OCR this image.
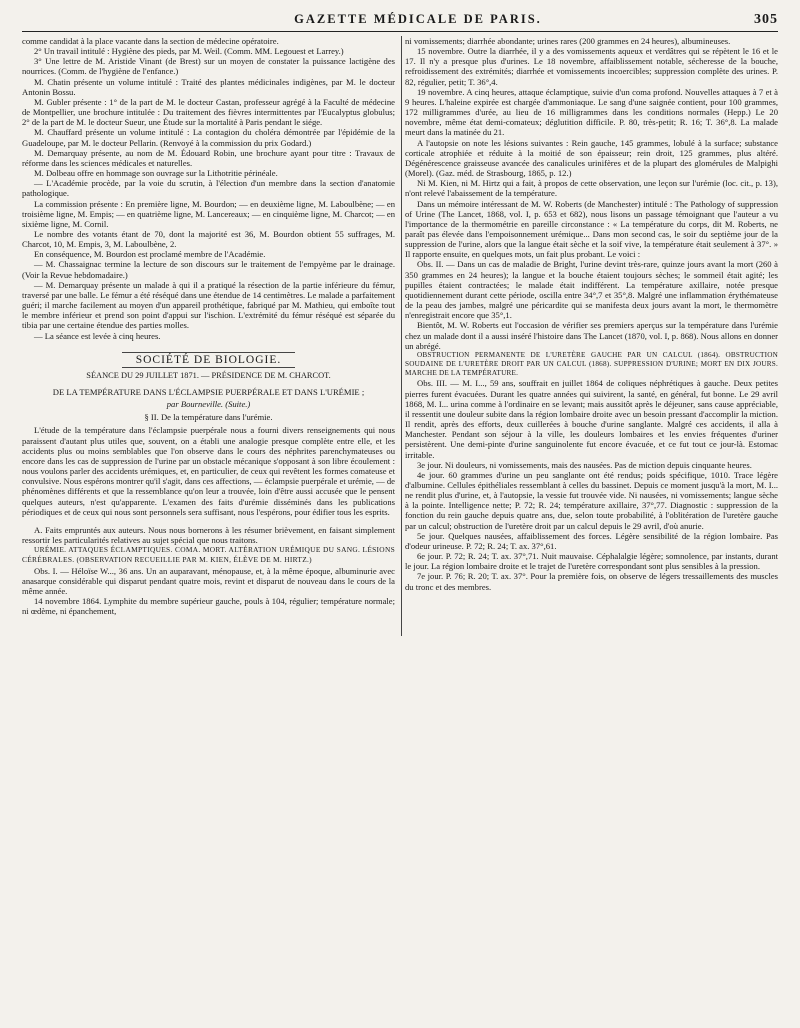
GAZETTE MÉDICALE DE PARIS.	305

comme candidat à la place vacante dans la section de médecine opératoire.

2° Un travail intitulé : Hygiène des pieds, par M. Weil. (Comm. MM. Legouest et Larrey.)

3° Une lettre de M. Aristide Vinant (de Brest) sur un moyen de constater la puissance lactigène des nourrices. (Comm. de l'hygiène de l'enfance.)

M. Chatin présente un volume intitulé : Traité des plantes médicinales indigènes, par M. le docteur Antonin Bossu.

M. Gubler présente : 1° de la part de M. le docteur Castan, professeur agrégé à la Faculté de médecine de Montpellier, une brochure intitulée : Du traitement des fièvres intermittentes par l'Eucalyptus globulus; 2° de la part de M. le docteur Sueur, une Étude sur la mortalité à Paris pendant le siége.

M. Chauffard présente un volume intitulé : La contagion du choléra démontrée par l'épidémie de la Guadeloupe, par M. le docteur Pellarin. (Renvoyé à la commission du prix Godard.)

M. Demarquay présente, au nom de M. Édouard Robin, une brochure ayant pour titre : Travaux de réforme dans les sciences médicales et naturelles.

M. Dolbeau offre en hommage son ouvrage sur la Lithotritie périnéale.

— L'Académie procède, par la voie du scrutin, à l'élection d'un membre dans la section d'anatomie pathologique.

La commission présente : En première ligne, M. Bourdon; — en deuxième ligne, M. Laboulbène; — en troisième ligne, M. Empis; — en quatrième ligne, M. Lancereaux; — en cinquième ligne, M. Charcot; — en sixième ligne, M. Cornil.

Le nombre des votants étant de 70, dont la majorité est 36, M. Bourdon obtient 55 suffrages, M. Charcot, 10, M. Empis, 3, M. Laboulbène, 2.

En conséquence, M. Bourdon est proclamé membre de l'Académie.

— M. Chassaignac termine la lecture de son discours sur le traitement de l'empyème par le drainage. (Voir la Revue hebdomadaire.)

— M. Demarquay présente un malade à qui il a pratiqué la résection de la partie inférieure du fémur, traversé par une balle. Le fémur a été réséqué dans une étendue de 14 centimètres. Le malade a parfaitement guéri; il marche facilement au moyen d'un appareil prothétique, fabriqué par M. Mathieu, qui emboîte tout le membre inférieur et prend son point d'appui sur l'ischion. L'extrémité du fémur réséqué est séparée du tibia par une certaine étendue des parties molles.

— La séance est levée à cinq heures.

SOCIÉTÉ DE BIOLOGIE.
SÉANCE DU 29 JUILLET 1871. — PRÉSIDENCE DE M. CHARCOT.
DE LA TEMPÉRATURE DANS L'ÉCLAMPSIE PUERPÉRALE ET DANS L'URÉMIE ;
par Bourneville. (Suite.)
§ II. De la température dans l'urémie.

L'étude de la température dans l'éclampsie puerpérale nous a fourni divers renseignements qui nous paraissent d'autant plus utiles que, souvent, on a établi une analogie presque complète entre elle, et les accidents plus ou moins semblables que l'on observe dans le cours des néphrites parenchymateuses ou encore dans les cas de suppression de l'urine par un obstacle mécanique s'opposant à son libre écoulement : nous voulons parler des accidents urémiques, et, en particulier, de ceux qui revêtent les formes comateuse et convulsive. Nous espérons montrer qu'il s'agit, dans ces affections, — éclampsie puerpérale et urémie, — de phénomènes différents et que la ressemblance qu'on leur a trouvée, loin d'être aussi accusée que le pensent quelques auteurs, n'est qu'apparente. L'examen des faits d'urémie disséminés dans les publications périodiques et de ceux qui nous sont personnels sera suffisant, nous l'espérons, pour édifier tous les esprits.

A. Faits empruntés aux auteurs. Nous nous bornerons à les résumer brièvement, en faisant simplement ressortir les particularités relatives au sujet spécial que nous traitons.

URÉMIE. ATTAQUES ÉCLAMPTIQUES. COMA. MORT. ALTÉRATION URÉMIQUE DU SANG. LÉSIONS CÉRÉBRALES. (OBSERVATION RECUEILLIE PAR M. KIEN, ÉLÈVE DE M. HIRTZ.)

Obs. I. — Héloïse W..., 36 ans. Un an auparavant, ménopause, et, à la même époque, albuminurie avec anasarque considérable qui disparut pendant quatre mois, revint et disparut de nouveau dans le cours de la même année.

14 novembre 1864. Lymphite du membre supérieur gauche, pouls à 104, régulier; température normale; ni œdème, ni épanchement,

ni vomissements; diarrhée abondante; urines rares (200 grammes en 24 heures), albumineuses.

15 novembre. Outre la diarrhée, il y a des vomissements aqueux et verdâtres qui se répètent le 16 et le 17. Il n'y a presque plus d'urines. Le 18 novembre, affaiblissement notable, sécheresse de la bouche, refroidissement des extrémités; diarrhée et vomissements incoercibles; suppression complète des urines. P. 82, régulier, petit; T. 36°,4.

19 novembre. A cinq heures, attaque éclamptique, suivie d'un coma profond. Nouvelles attaques à 7 et à 9 heures. L'haleine expirée est chargée d'ammoniaque. Le sang d'une saignée contient, pour 100 grammes, 172 milligrammes d'urée, au lieu de 16 milligrammes dans les conditions normales (Hepp.) Le 20 novembre, même état demi-comateux; déglutition difficile. P. 80, très-petit; R. 16; T. 36°,8. La malade meurt dans la matinée du 21.

A l'autopsie on note les lésions suivantes : Rein gauche, 145 grammes, lobulé à la surface; substance corticale atrophiée et réduite à la moitié de son épaisseur; rein droit, 125 grammes, plus altéré. Dégénérescence graisseuse avancée des canalicules urinifères et de la plupart des glomérules de Malpighi (Morel). (Gaz. méd. de Strasbourg, 1865, p. 12.)

Ni M. Kien, ni M. Hirtz qui a fait, à propos de cette observation, une leçon sur l'urémie (loc. cit., p. 13), n'ont relevé l'abaissement de la température.

Dans un mémoire intéressant de M. W. Roberts (de Manchester) intitulé : The Pathology of suppression of Urine (The Lancet, 1868, vol. I, p. 653 et 682), nous lisons un passage témoignant que l'auteur a vu l'importance de la thermométrie en pareille circonstance : « La température du corps, dit M. Roberts, ne paraît pas élevée dans l'empoisonnement urémique... Dans mon second cas, le soir du septième jour de la suppression de l'urine, alors que la langue était sèche et la soif vive, la température était seulement à 37°. » Il rapporte ensuite, en quelques mots, un fait plus probant. Le voici :

Obs. II. — Dans un cas de maladie de Bright, l'urine devint très-rare, quinze jours avant la mort (260 à 350 grammes en 24 heures); la langue et la bouche étaient toujours sèches; le sommeil était agité; les pupilles étaient contractées; le malade était indifférent. La température axillaire, notée presque quotidiennement durant cette période, oscilla entre 34°,7 et 35°,8. Malgré une inflammation érythémateuse de la peau des jambes, malgré une péricardite qui se manifesta deux jours avant la mort, le thermomètre n'enregistrait encore que 35°,1.

Bientôt, M. W. Roberts eut l'occasion de vérifier ses premiers aperçus sur la température dans l'urémie chez un malade dont il a aussi inséré l'histoire dans The Lancet (1870, vol. I, p. 868). Nous allons en donner un abrégé.

OBSTRUCTION PERMANENTE DE L'URETÈRE GAUCHE PAR UN CALCUL (1864). OBSTRUCTION SOUDAINE DE L'URETÈRE DROIT PAR UN CALCUL (1868). SUPPRESSION D'URINE; MORT EN DIX JOURS. MARCHE DE LA TEMPÉRATURE.

Obs. III. — M. I..., 59 ans, souffrait en juillet 1864 de coliques néphrétiques à gauche. Deux petites pierres furent évacuées. Durant les quatre années qui suivirent, la santé, en général, fut bonne. Le 29 avril 1868, M. I... urina comme à l'ordinaire en se levant; mais aussitôt après le déjeuner, sans cause appréciable, il ressentit une douleur subite dans la région lombaire droite avec un besoin pressant d'accomplir la miction. Il rendit, après des efforts, deux cuillerées à bouche d'urine sanglante. Malgré ces accidents, il alla à Manchester. Pendant son séjour à la ville, les douleurs lombaires et les envies fréquentes d'uriner persistèrent. Une demi-pinte d'urine sanguinolente fut encore évacuée, et ce fut tout ce jour-là. Estomac irritable.

3e jour. Ni douleurs, ni vomissements, mais des nausées. Pas de miction depuis cinquante heures.

4e jour. 60 grammes d'urine un peu sanglante ont été rendus; poids spécifique, 1010. Trace légère d'albumine. Cellules épithéliales ressemblant à celles du bassinet. Depuis ce moment jusqu'à la mort, M. I... ne rendit plus d'urine, et, à l'autopsie, la vessie fut trouvée vide. Ni nausées, ni vomissements; langue sèche à la pointe. Intelligence nette; P. 72; R. 24; température axillaire, 37°,77. Diagnostic : suppression de la fonction du rein gauche depuis quatre ans, due, selon toute probabilité, à l'oblitération de l'uretère gauche par un calcul; obstruction de l'uretère droit par un calcul depuis le 29 avril, d'où anurie.

5e jour. Quelques nausées, affaiblissement des forces. Légère sensibilité de la région lombaire. Pas d'odeur urineuse. P. 72; R. 24; T. ax. 37°,61.

6e jour. P. 72; R. 24; T. ax. 37°,71. Nuit mauvaise. Céphalalgie légère; somnolence, par instants, durant le jour. La région lombaire droite et le trajet de l'uretère correspondant sont plus sensibles à la pression.

7e jour. P. 76; R. 20; T. ax. 37°. Pour la première fois, on observe de légers tressaillements des muscles du tronc et des membres.
